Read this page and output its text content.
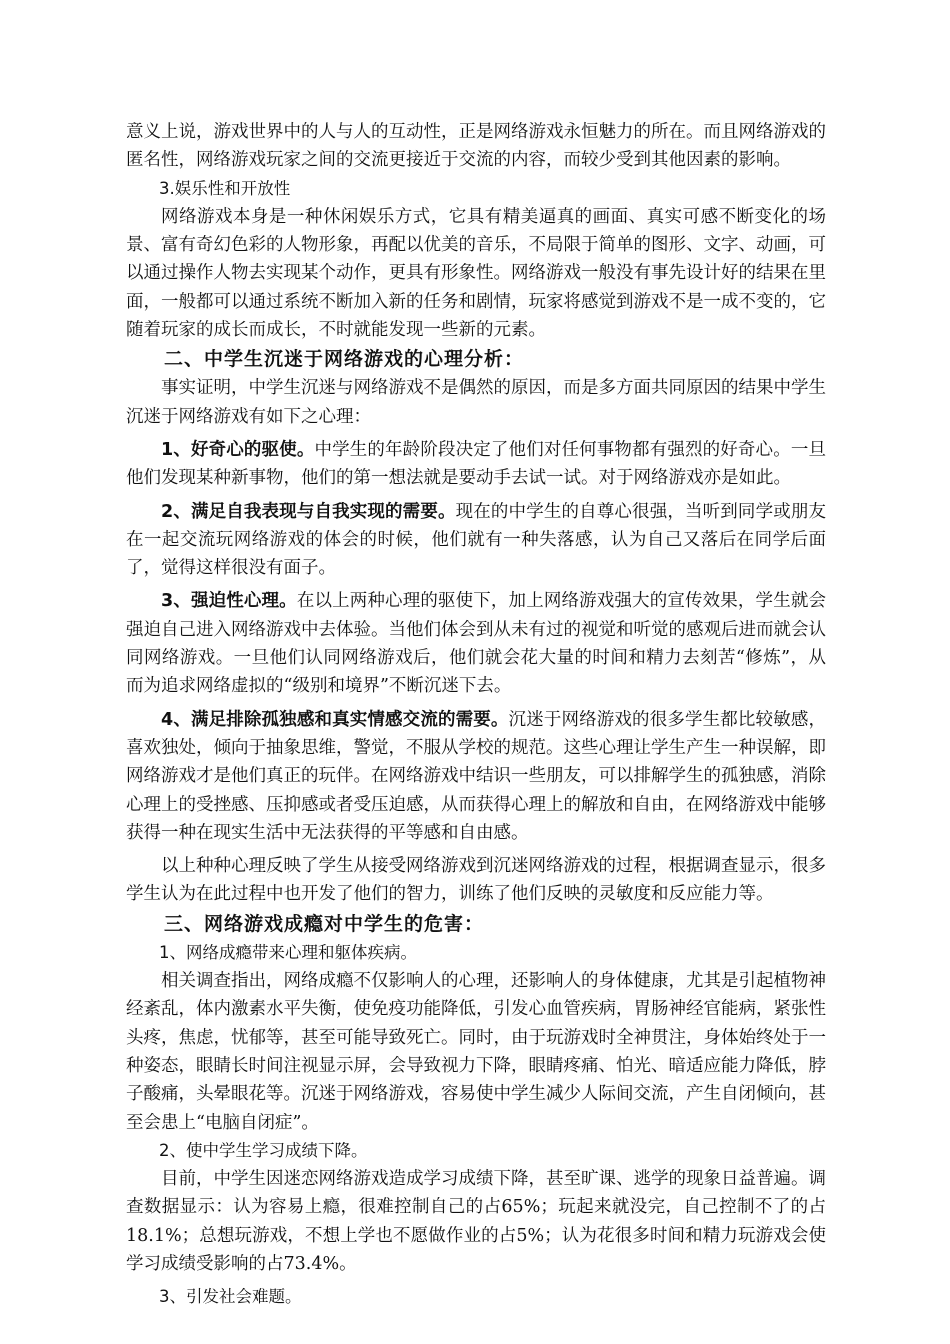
意义上说，游戏世界中的人与人的互动性，正是网络游戏永恒魅力的所在。而且网络游戏的匿名性，网络游戏玩家之间的交流更接近于交流的内容，而较少受到其他因素的影响。

3.娱乐性和开放性

网络游戏本身是一种休闲娱乐方式，它具有精美逼真的画面、真实可感不断变化的场景、富有奇幻色彩的人物形象，再配以优美的音乐，不局限于简单的图形、文字、动画，可以通过操作人物去实现某个动作，更具有形象性。网络游戏一般没有事先设计好的结果在里面，一般都可以通过系统不断加入新的任务和剧情，玩家将感觉到游戏不是一成不变的，它随着玩家的成长而成长，不时就能发现一些新的元素。

二、中学生沉迷于网络游戏的心理分析：

事实证明，中学生沉迷与网络游戏不是偶然的原因，而是多方面共同原因的结果中学生沉迷于网络游戏有如下之心理：

1、好奇心的驱使。中学生的年龄阶段决定了他们对任何事物都有强烈的好奇心。一旦他们发现某种新事物，他们的第一想法就是要动手去试一试。对于网络游戏亦是如此。

2、满足自我表现与自我实现的需要。现在的中学生的自尊心很强，当听到同学或朋友在一起交流玩网络游戏的体会的时候，他们就有一种失落感，认为自己又落后在同学后面了，觉得这样很没有面子。

3、强迫性心理。在以上两种心理的驱使下，加上网络游戏强大的宣传效果，学生就会强迫自己进入网络游戏中去体验。当他们体会到从未有过的视觉和听觉的感观后进而就会认同网络游戏。一旦他们认同网络游戏后，他们就会花大量的时间和精力去刻苦“修炼”，从而为追求网络虚拟的“级别和境界”不断沉迷下去。

4、满足排除孤独感和真实情感交流的需要。沉迷于网络游戏的很多学生都比较敏感，喜欢独处，倾向于抽象思维，警觉，不服从学校的规范。这些心理让学生产生一种误解，即网络游戏才是他们真正的玩伴。在网络游戏中结识一些朋友，可以排解学生的孤独感，消除心理上的受挫感、压抑感或者受压迫感，从而获得心理上的解放和自由，在网络游戏中能够获得一种在现实生活中无法获得的平等感和自由感。

以上种种心理反映了学生从接受网络游戏到沉迷网络游戏的过程，根据调查显示，很多学生认为在此过程中也开发了他们的智力，训练了他们反映的灵敏度和反应能力等。

三、网络游戏成瘾对中学生的危害：

1、网络成瘾带来心理和躯体疾病。

相关调查指出，网络成瘾不仅影响人的心理，还影响人的身体健康，尤其是引起植物神经紊乱，体内激素水平失衡，使免疫功能降低，引发心血管疾病，胃肠神经官能病，紧张性头疼，焦虑，忧郁等，甚至可能导致死亡。同时，由于玩游戏时全神贯注，身体始终处于一种姿态，眼睛长时间注视显示屏，会导致视力下降，眼睛疼痛、怕光、暗适应能力降低，脖子酸痛，头晕眼花等。沉迷于网络游戏，容易使中学生减少人际间交流，产生自闭倾向，甚至会患上“电脑自闭症”。

2、使中学生学习成绩下降。

目前，中学生因迷恋网络游戏造成学习成绩下降，甚至旷课、逃学的现象日益普遍。调查数据显示：认为容易上瘾，很难控制自己的占65%；玩起来就没完，自己控制不了的占18.1%；总想玩游戏，不想上学也不愿做作业的占5%；认为花很多时间和精力玩游戏会使学习成绩受影响的占73.4%。

3、引发社会难题。
